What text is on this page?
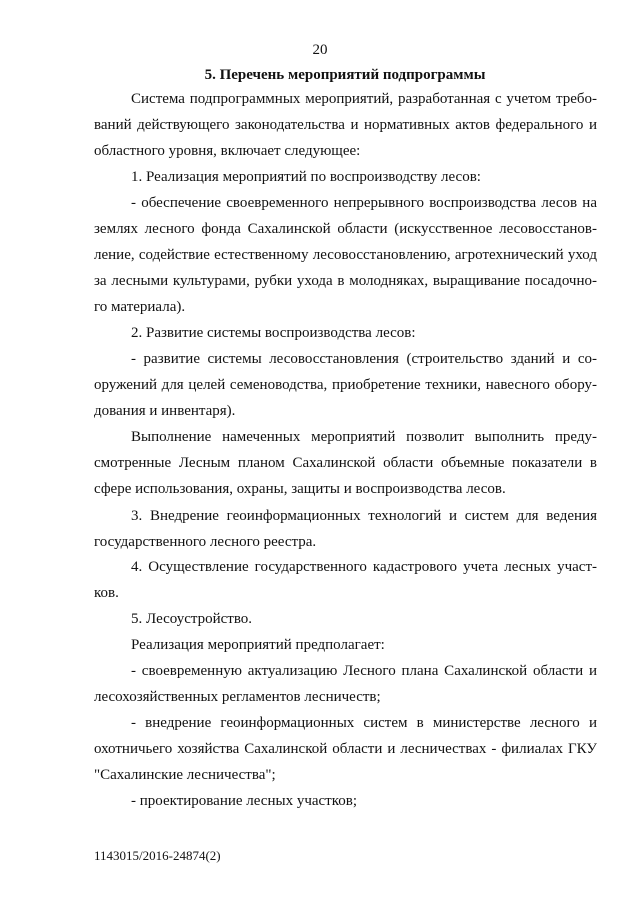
20
5. Перечень мероприятий подпрограммы
Система подпрограммных мероприятий, разработанная с учетом требо-
ваний действующего законодательства и нормативных актов федерального и
областного уровня, включает следующее:
1. Реализация мероприятий по воспроизводству лесов:
- обеспечение своевременного непрерывного воспроизводства лесов на
землях лесного фонда Сахалинской области (искусственное лесовосстанов-
ление, содействие естественному лесовосстановлению, агротехнический уход
за лесными культурами, рубки ухода в молодняках, выращивание посадочно-
го материала).
2. Развитие системы воспроизводства лесов:
- развитие системы лесовосстановления (строительство зданий и со-
оружений для целей семеноводства, приобретение техники, навесного обору-
дования и инвентаря).
Выполнение намеченных мероприятий позволит выполнить преду-
смотренные Лесным планом Сахалинской области объемные показатели в
сфере использования, охраны, защиты и воспроизводства лесов.
3. Внедрение геоинформационных технологий и систем для ведения
государственного лесного реестра.
4. Осуществление государственного кадастрового учета лесных участ-
ков.
5. Лесоустройство.
Реализация мероприятий предполагает:
- своевременную актуализацию Лесного плана Сахалинской области и
лесохозяйственных регламентов лесничеств;
- внедрение геоинформационных систем в министерстве лесного и
охотничьего хозяйства Сахалинской области и лесничествах - филиалах ГКУ
"Сахалинские лесничества";
- проектирование лесных участков;
1143015/2016-24874(2)
